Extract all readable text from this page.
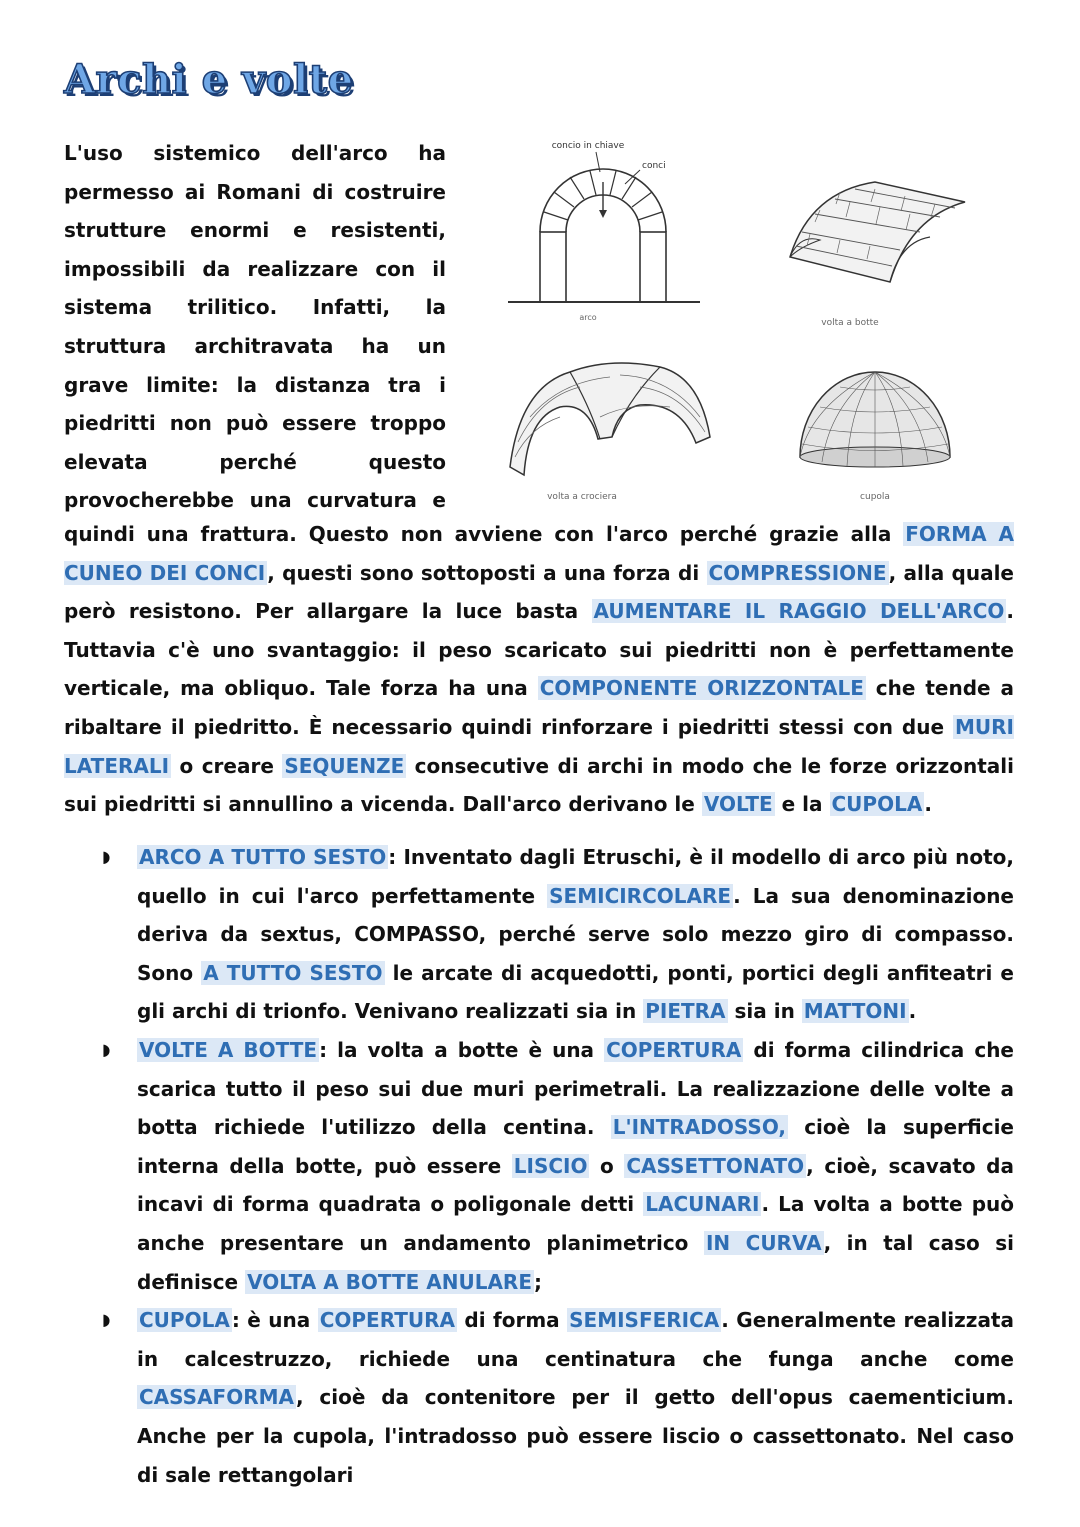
Archi e volte
L'uso sistemico dell'arco ha
permesso ai Romani di costruire
strutture enormi e resistenti,
impossibili da realizzare con il
sistema trilitico. Infatti, la
struttura architravata ha un
grave limite: la distanza tra i
piedritti non può essere troppo
elevata perché questo
provocherebbe una curvatura e
concio in chiave
conci
arco
volta a botte
volta a crociera	cupola

quindi una frattura. Questo non avviene con l'arco perché grazie alla FORMA A CUNEO DEI CONCI , questi sono sottoposti a una forza di COMPRESSIONE , alla quale però resistono. Per allargare la luce basta AUMENTARE IL RAGGIO DELL'ARCO . Tuttavia c'è uno svantaggio: il peso scaricato sui piedritti non è perfettamente verticale, ma obliquo. Tale forza ha una COMPONENTE ORIZZONTALE che tende a ribaltare il piedritto. È necessario quindi rinforzare i piedritti stessi con due MURI LATERALI o creare SEQUENZE consecutive di archi in modo che le forze orizzontali sui piedritti si annullino a vicenda. Dall'arco derivano le VOLTE e la CUPOLA .

◗ ARCO A TUTTO SESTO : Inventato dagli Etruschi, è il modello di arco più noto, quello in cui l'arco perfettamente SEMICIRCOLARE . La sua denominazione deriva da sextus, COMPASSO, perché serve solo mezzo giro di compasso. Sono A TUTTO SESTO le arcate di acquedotti, ponti, portici degli anfiteatri e gli archi di trionfo. Venivano realizzati sia in PIETRA sia in MATTONI .
◗ VOLTE A BOTTE : la volta a botte è una COPERTURA di forma cilindrica che scarica tutto il peso sui due muri perimetrali. La realizzazione delle volte a botta richiede l'utilizzo della centina. L'INTRADOSSO, cioè la superficie interna della botte, può essere LISCIO o CASSETTONATO , cioè, scavato da incavi di forma quadrata o poligonale detti LACUNARI . La volta a botte può anche presentare un andamento planimetrico IN CURVA , in tal caso si definisce VOLTA A BOTTE ANULARE ;
◗ CUPOLA : è una COPERTURA di forma SEMISFERICA . Generalmente realizzata in calcestruzzo, richiede una centinatura che funga anche come CASSAFORMA , cioè da contenitore per il getto dell'opus caementicium. Anche per la cupola, l'intradosso può essere liscio o cassettonato. Nel caso di sale rettangolari
